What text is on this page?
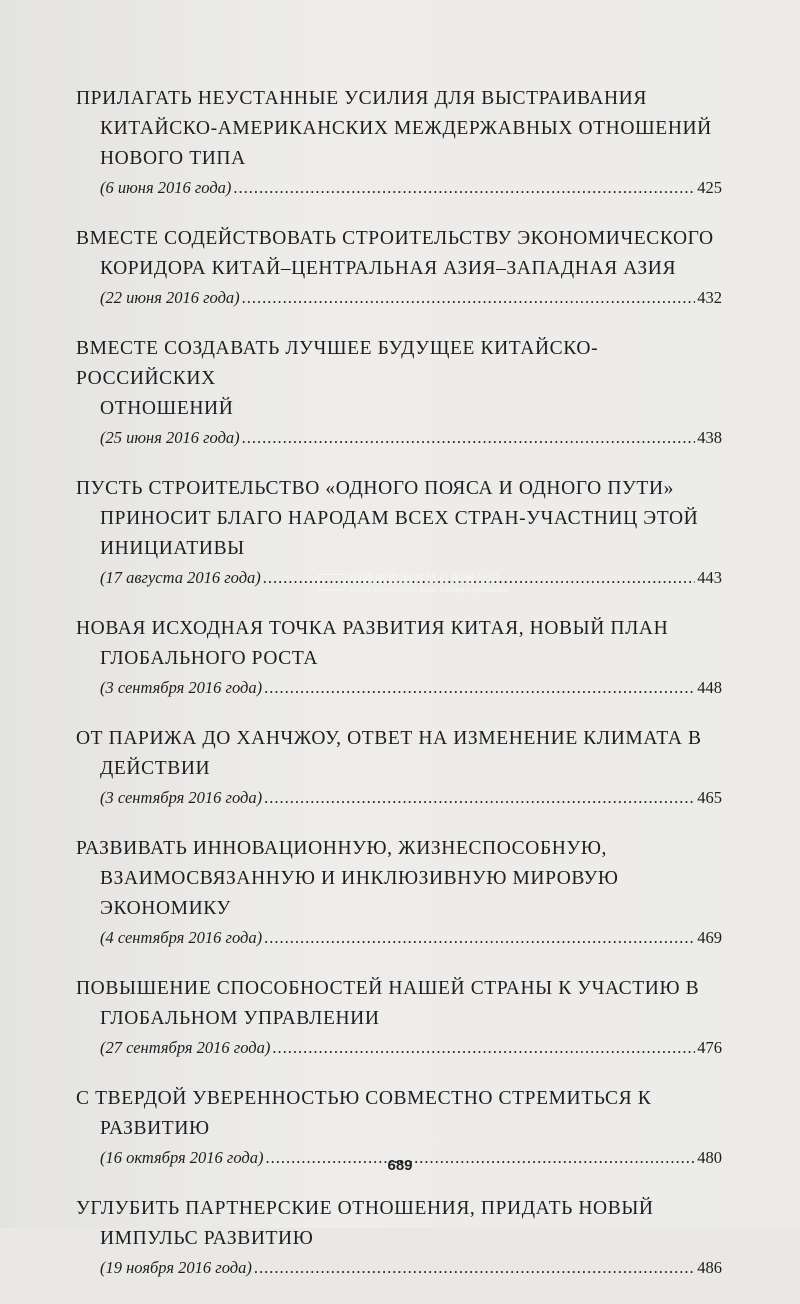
ПРИЛАГАТЬ НЕУСТАННЫЕ УСИЛИЯ ДЛЯ ВЫСТРАИВАНИЯ
КИТАЙСКО-АМЕРИКАНСКИХ МЕЖДЕРЖАВНЫХ ОТНОШЕНИЙ
НОВОГО ТИПА

(6 июня 2016 года) .....	425

ВМЕСТЕ СОДЕЙСТВОВАТЬ СТРОИТЕЛЬСТВУ ЭКОНОМИЧЕСКОГО
КОРИДОРА КИТАЙ–ЦЕНТРАЛЬНАЯ АЗИЯ–ЗАПАДНАЯ АЗИЯ

(22 июня 2016 года) .....	432

ВМЕСТЕ СОЗДАВАТЬ ЛУЧШЕЕ БУДУЩЕЕ КИТАЙСКО-РОССИЙСКИХ
ОТНОШЕНИЙ

(25 июня 2016 года) .....	438

ПУСТЬ СТРОИТЕЛЬСТВО «ОДНОГО ПОЯСА И ОДНОГО ПУТИ»
ПРИНОСИТ БЛАГО НАРОДАМ ВСЕХ СТРАН-УЧАСТНИЦ ЭТОЙ
ИНИЦИАТИВЫ

(17 августа 2016 года) .....	443

НОВАЯ ИСХОДНАЯ ТОЧКА РАЗВИТИЯ КИТАЯ, НОВЫЙ ПЛАН
ГЛОБАЛЬНОГО РОСТА

(3 сентября 2016 года) .....	448

ОТ ПАРИЖА ДО ХАНЧЖОУ, ОТВЕТ НА ИЗМЕНЕНИЕ КЛИМАТА В
ДЕЙСТВИИ

(3 сентября 2016 года) .....	465

РАЗВИВАТЬ ИННОВАЦИОННУЮ, ЖИЗНЕСПОСОБНУЮ,
ВЗАИМОСВЯЗАННУЮ И ИНКЛЮЗИВНУЮ МИРОВУЮ
ЭКОНОМИКУ

(4 сентября 2016 года) .....	469

ПОВЫШЕНИЕ СПОСОБНОСТЕЙ НАШЕЙ СТРАНЫ К УЧАСТИЮ В
ГЛОБАЛЬНОМ УПРАВЛЕНИИ

(27 сентября 2016 года) .....	476

С ТВЕРДОЙ УВЕРЕННОСТЬЮ СОВМЕСТНО СТРЕМИТЬСЯ К
РАЗВИТИЮ

(16 октября 2016 года) .....	480

УГЛУБИТЬ ПАРТНЕРСКИЕ ОТНОШЕНИЯ, ПРИДАТЬ НОВЫЙ
ИМПУЛЬС РАЗВИТИЮ

(19 ноября 2016 года) .....	486
中國國際圖書貿易集團公司
China International Book Trading Corporation
689
